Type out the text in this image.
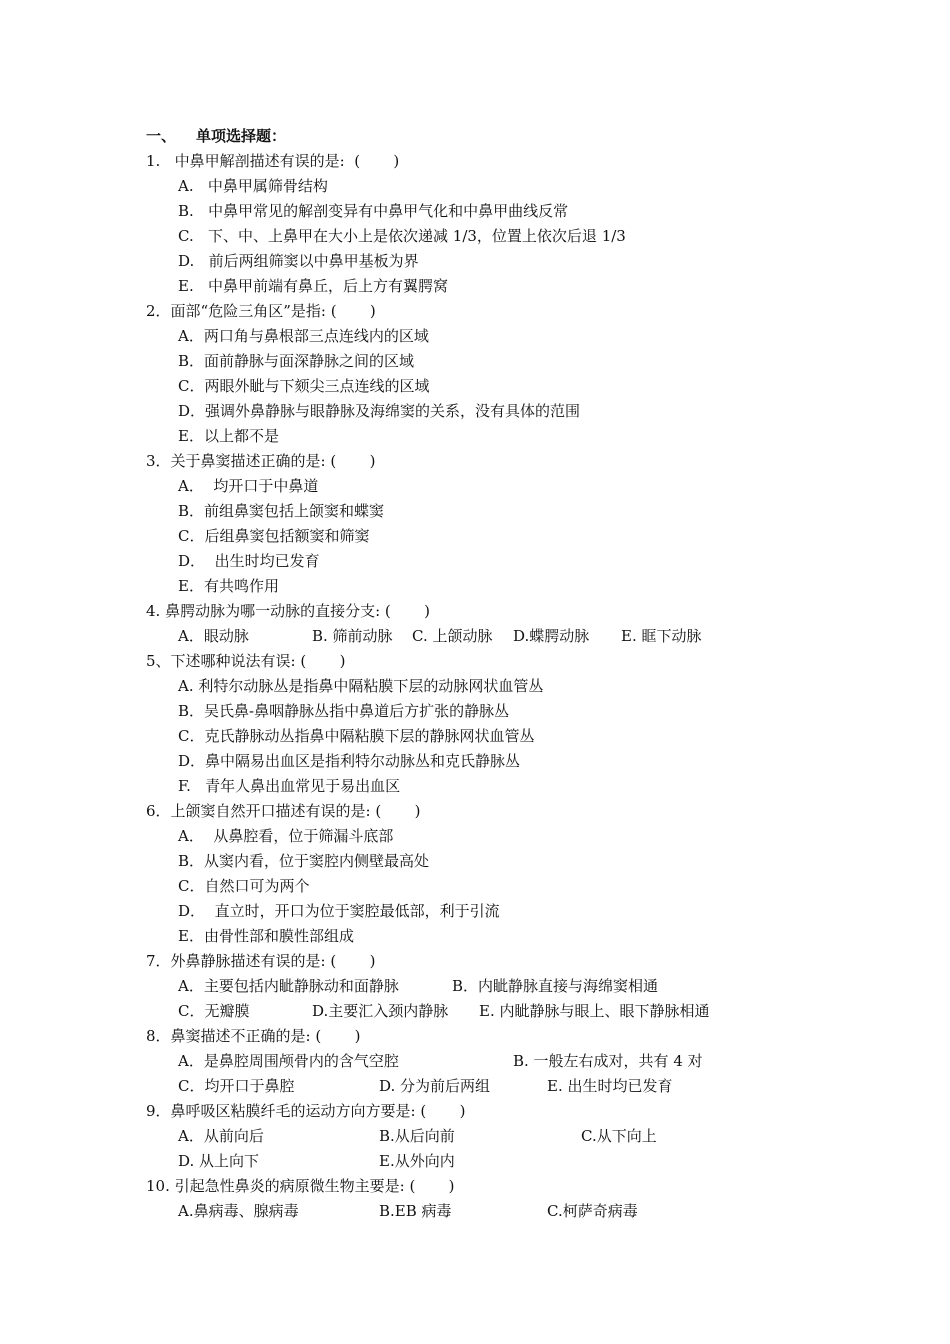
一、 单项选择题：
1.   中鼻甲解剖描述有误的是:  (       )
A.   中鼻甲属筛骨结构
B.   中鼻甲常见的解剖变异有中鼻甲气化和中鼻甲曲线反常
C.   下、中、上鼻甲在大小上是依次递减 1/3，位置上依次后退 1/3
D.   前后两组筛窦以中鼻甲基板为界
E.   中鼻甲前端有鼻丘，后上方有翼腭窝
2．面部“危险三角区”是指: (       )
A．两口角与鼻根部三点连线内的区域
B．面前静脉与面深静脉之间的区域
C．两眼外眦与下颏尖三点连线的区域
D．强调外鼻静脉与眼静脉及海绵窦的关系，没有具体的范围
E．以上都不是
3．关于鼻窦描述正确的是: (       )
A．  均开口于中鼻道
B．前组鼻窦包括上颌窦和蝶窦
C．后组鼻窦包括额窦和筛窦
D．  出生时均已发育
E．有共鸣作用
4. 鼻腭动脉为哪一动脉的直接分支: (       )
A．眼动脉	B. 筛前动脉 C. 上颌动脉 D.蝶腭动脉 E. 眶下动脉
5、下述哪种说法有误: (       )
A. 利特尔动脉丛是指鼻中隔粘膜下层的动脉网状血管丛
B．吴氏鼻-鼻咽静脉丛指中鼻道后方扩张的静脉丛
C．克氏静脉动丛指鼻中隔粘膜下层的静脉网状血管丛
D．鼻中隔易出血区是指利特尔动脉丛和克氏静脉丛
F.   青年人鼻出血常见于易出血区
6．上颌窦自然开口描述有误的是: (       )
A．  从鼻腔看，位于筛漏斗底部
B．从窦内看，位于窦腔内侧壁最高处
C．自然口可为两个
D．  直立时，开口为位于窦腔最低部，利于引流
E．由骨性部和膜性部组成
7．外鼻静脉描述有误的是: (       )
A．主要包括内眦静脉动和面静脉	B．内眦静脉直接与海绵窦相通
C．无瓣膜	D.主要汇入颈内静脉 E. 内眦静脉与眼上、眼下静脉相通
8．鼻窦描述不正确的是: (       )
A．是鼻腔周围颅骨内的含气空腔	B. 一般左右成对，共有 4 对
C．均开口于鼻腔	D. 分为前后两组	E. 出生时均已发育
9．鼻呼吸区粘膜纤毛的运动方向方要是: (       )
A．从前向后	B.从后向前	C.从下向上
D. 从上向下	E.从外向内
10. 引起急性鼻炎的病原微生物主要是: (       )
A.鼻病毒、腺病毒	B.EB 病毒	C.柯萨奇病毒
